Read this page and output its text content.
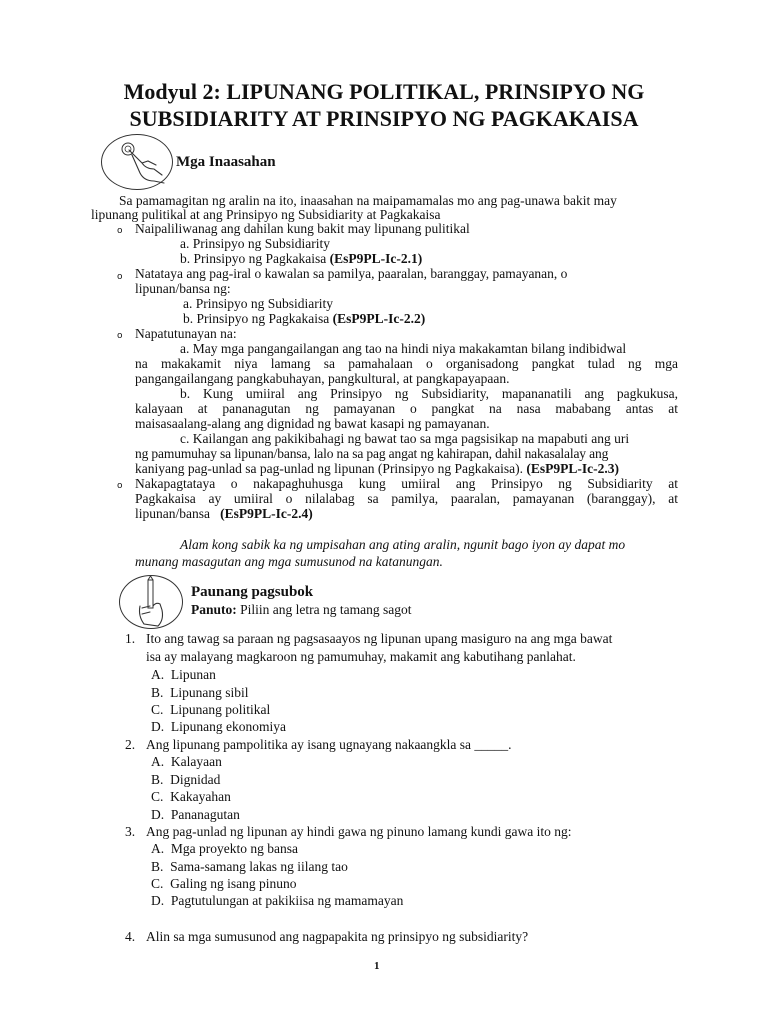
Modyul 2: LIPUNANG POLITIKAL, PRINSIPYO NG
SUBSIDIARITY AT PRINSIPYO NG PAGKAKAISA
Mga Inaasahan
Sa pamamagitan ng aralin na ito, inaasahan na maipamamalas mo ang pag-unawa bakit may
lipunang pulitikal at ang Prinsipyo ng Subsidiarity at Pagkakaisa
o Naipaliliwanag ang dahilan kung bakit may lipunang pulitikal
a. Prinsipyo ng Subsidiarity
b. Prinsipyo ng Pagkakaisa (EsP9PL-Ic-2.1)
o Natataya ang pag-iral o kawalan sa pamilya, paaralan, baranggay, pamayanan, o
lipunan/bansa ng:
a. Prinsipyo ng Subsidiarity
b. Prinsipyo ng Pagkakaisa (EsP9PL-Ic-2.2)
o Napatutunayan na:
a. May mga pangangailangan ang tao na hindi niya makakamtan bilang indibidwal
na makakamit niya lamang sa pamahalaan o organisadong pangkat tulad ng mga
pangangailangang pangkabuhayan, pangkultural, at pangkapayapaan.
b. Kung umiiral ang Prinsipyo ng Subsidiarity, mapananatili ang pagkukusa,
kalayaan at pananagutan ng pamayanan o pangkat na nasa mababang antas at
maisasaalang-alang ang dignidad ng bawat kasapi ng pamayanan.
c. Kailangan ang pakikibahagi ng bawat tao sa mga pagsisikap na mapabuti ang uri
ng pamumuhay sa lipunan/bansa, lalo na sa pag angat ng kahirapan, dahil nakasalalay ang
kaniyang pag-unlad sa pag-unlad ng lipunan (Prinsipyo ng Pagkakaisa). (EsP9PL-Ic-2.3)
o Nakapagtataya o nakapaghuhusga kung umiiral ang Prinsipyo ng Subsidiarity at
Pagkakaisa ay umiiral o nilalabag sa pamilya, paaralan, pamayanan (baranggay), at
lipunan/bansa (EsP9PL-Ic-2.4)
Alam kong sabik ka ng umpisahan ang ating aralin, ngunit bago iyon ay dapat mo
munang masagutan ang mga sumusunod na katanungan.
Paunang pagsubok
Panuto: Piliin ang letra ng tamang sagot
1. Ito ang tawag sa paraan ng pagsasaayos ng lipunan upang masiguro na ang mga bawat
isa ay malayang magkaroon ng pamumuhay, makamit ang kabutihang panlahat.
A. Lipunan
B. Lipunang sibil
C. Lipunang politikal
D. Lipunang ekonomiya
2. Ang lipunang pampolitika ay isang ugnayang nakaangkla sa _____.
A. Kalayaan
B. Dignidad
C. Kakayahan
D. Pananagutan
3. Ang pag-unlad ng lipunan ay hindi gawa ng pinuno lamang kundi gawa ito ng:
A. Mga proyekto ng bansa
B. Sama-samang lakas ng iilang tao
C. Galing ng isang pinuno
D. Pagtutulungan at pakikiisa ng mamamayan
4. Alin sa mga sumusunod ang nagpapakita ng prinsipyo ng subsidiarity?
1
